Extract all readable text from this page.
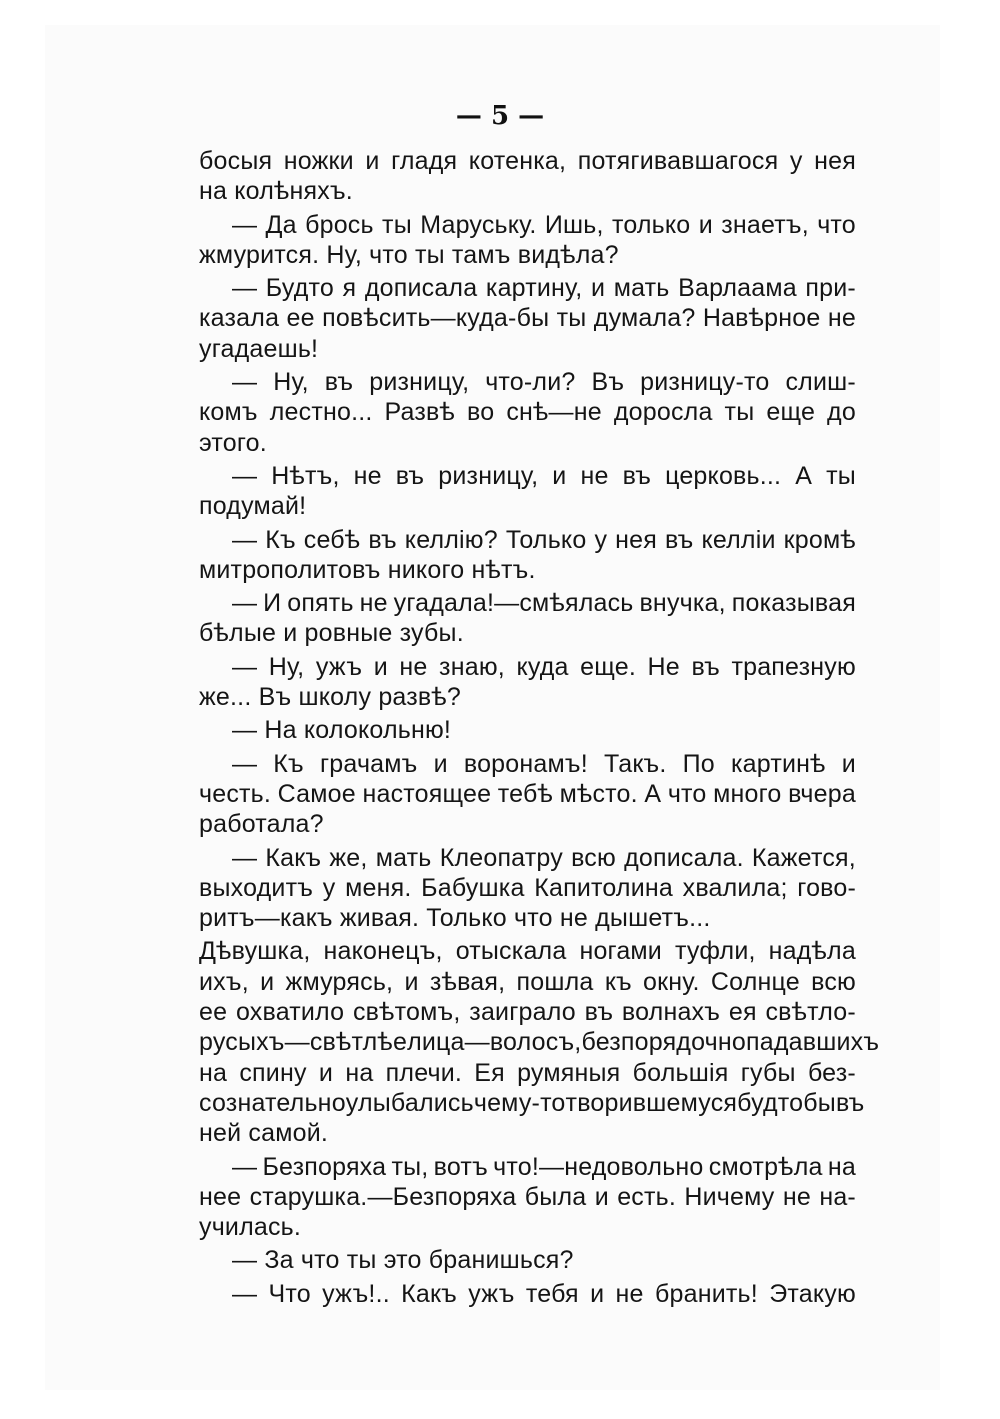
— 5 —
босыя ножки и гладя котенка, потягивавшагося у нея
на колѣняхъ.
— Да брось ты Маруську. Ишь, только и знаетъ, что
жмурится. Ну, что ты тамъ видѣла?
— Будто я дописала картину, и мать Варлаама при-
казала ее повѣсить—куда-бы ты думала? Навѣрное не
угадаешь!
— Ну, въ ризницу, что-ли? Въ ризницу-то слиш-
комъ лестно... Развѣ во снѣ—не доросла ты еще до
этого.
— Нѣтъ, не въ ризницу, и не въ церковь... А ты
подумай!
— Къ себѣ въ келлiю? Только у нея въ келлiи кромѣ
митрополитовъ никого нѣтъ.
— И опять не угадала!—смѣялась внучка, показывая
бѣлые и ровные зубы.
— Ну, ужъ и не знаю, куда еще. Не въ трапезную
же... Въ школу развѣ?
— На колокольню!
— Къ грачамъ и воронамъ! Такъ. По картинѣ и
честь. Самое настоящее тебѣ мѣсто. А что много вчера
работала?
— Какъ же, мать Клеопатру всю дописала. Кажется,
выходитъ у меня. Бабушка Капитолина хвалила; гово-
ритъ—какъ живая. Только что не дышетъ...
Дѣвушка, наконецъ, отыскала ногами туфли, надѣла
ихъ, и жмурясь, и зѣвая, пошла къ окну. Солнце всю
ее охватило свѣтомъ, заиграло въ волнахъ ея свѣтло-
русыхъ —свѣтлѣе лица— волосъ, безпорядочно падавшихъ
на спину и на плечи. Ея румяныя большiя губы без-
сознательно улыбались чему-то творившемуся будто бы въ
ней самой.
— Безпоряха ты, вотъ что!—недовольно смотрѣла на
нее старушка.—Безпоряха была и есть. Ничему не на-
училась.
— За что ты это бранишься?
— Что ужъ!.. Какъ ужъ тебя и не бранить! Этакую
